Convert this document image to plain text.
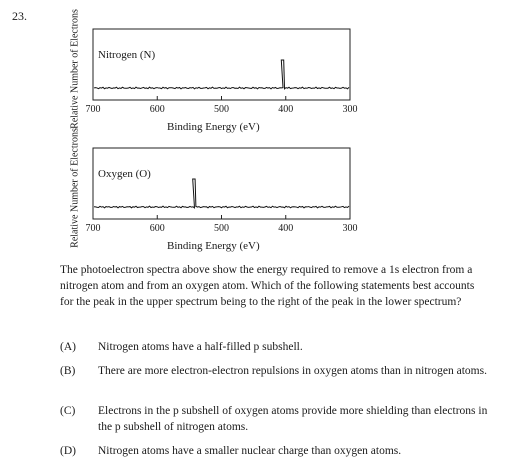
23.	Relative Number of Electrons Nitrogen (N)
700	600	500	400	300
Binding Energy (eV)
Relative Number of Electrons Oxygen (O)
700	600	500	400	300
Binding Energy (eV)
The photoelectron spectra above show the energy required to remove a 1s electron from a nitrogen atom and from an oxygen atom. Which of the following statements best accounts for the peak in the upper spectrum being to the right of the peak in the lower spectrum?
(A) Nitrogen atoms have a half-filled p subshell.
(B) There are more electron-electron repulsions in oxygen atoms than in nitrogen atoms.
(C) Electrons in the p subshell of oxygen atoms provide more shielding than electrons in the p subshell of nitrogen atoms.
(D) Nitrogen atoms have a smaller nuclear charge than oxygen atoms.
